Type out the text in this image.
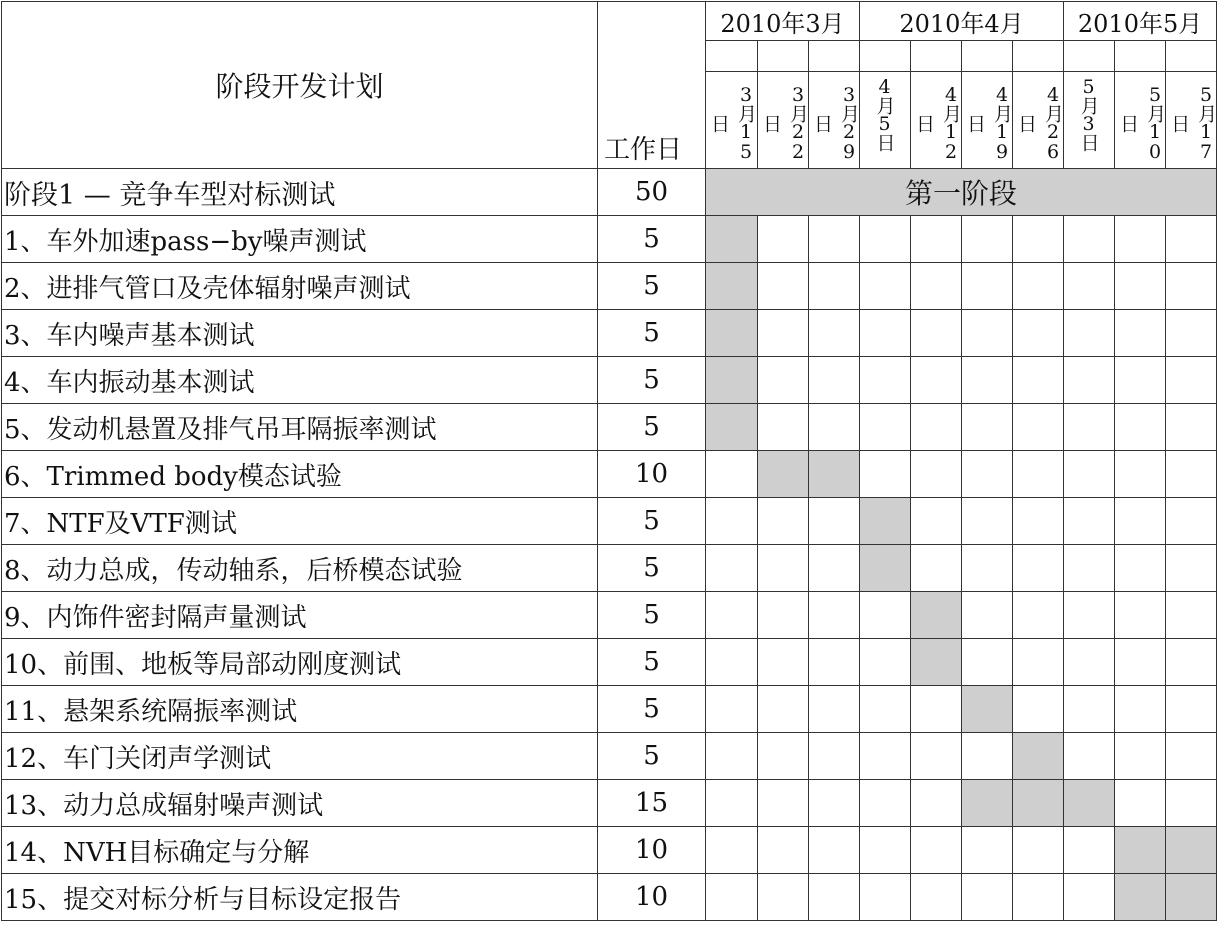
阶段开发计划	工作日	2010年3月			2010年4月				2010年5月		

		3月15日	3月22日	3月29日	4月5日	4月12日	4月19日	4月26日	5月3日	5月10日	5月17日
阶段1 — 竞争车型对标测试	50	第一阶段									
1、车外加速pass−by噪声测试	5										
2、进排气管口及壳体辐射噪声测试	5										
3、车内噪声基本测试	5										
4、车内振动基本测试	5										
5、发动机悬置及排气吊耳隔振率测试	5										
6、Trimmed body模态试验	10										
7、NTF及VTF测试	5										
8、动力总成，传动轴系，后桥模态试验	5										
9、内饰件密封隔声量测试	5										
10、前围、地板等局部动刚度测试	5										
11、悬架系统隔振率测试	5										
12、车门关闭声学测试	5										
13、动力总成辐射噪声测试	15										
14、NVH目标确定与分解	10										
15、提交对标分析与目标设定报告	10										
